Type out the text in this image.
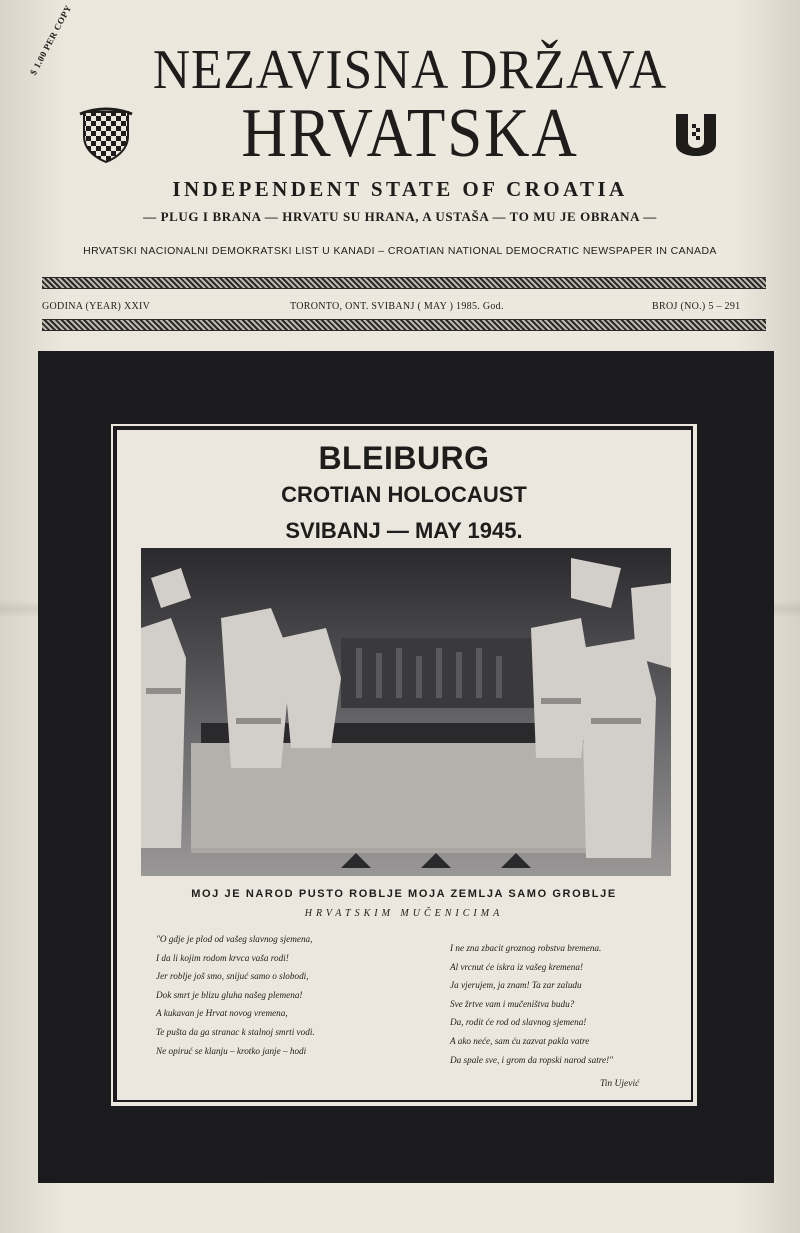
$ 1.00 PER COPY	NEZAVISNA DRŽAVA
HRVATSKA
INDEPENDENT STATE OF CROATIA
— PLUG I BRANA — HRVATU SU HRANA, A USTAŠA — TO MU JE OBRANA —
HRVATSKI NACIONALNI DEMOKRATSKI LIST U KANADI – CROATIAN NATIONAL DEMOCRATIC NEWSPAPER IN CANADA
GODINA (YEAR) XXIV	TORONTO, ONT. SVIBANJ ( MAY ) 1985. God.	BROJ (NO.) 5 – 291
BLEIBURG
CROTIAN HOLOCAUST
SVIBANJ — MAY 1945.
MOJ JE NAROD PUSTO ROBLJE MOJA ZEMLJA SAMO GROBLJE
HRVATSKIM MUČENICIMA
"O gdje je plod od vašeg slavnog sjemena,
I da li kojim rodom krvca vaša rodi!
Jer roblje još smo, snijuć samo o slobodi,
Dok smrt je blizu gluha našeg plemena!
A kukavan je Hrvat novog vremena,
Te pušta da ga stranac k stalnoj smrti vodi.
Ne opiruć se klanju – krotko janje – hodi
I ne zna zbacit groznog robstva bremena.
Al vrcnut će iskra iz vašeg kremena!
Ja vjerujem, ja znam! Ta zar zaludu
Sve žrtve vam i mučeništva budu?
Da, rodit će rod od slavnog sjemena!
A ako neće, sam ću zazvat pakla vatre
Da spale sve, i grom da ropski narod satre!"
Tin Ujević
